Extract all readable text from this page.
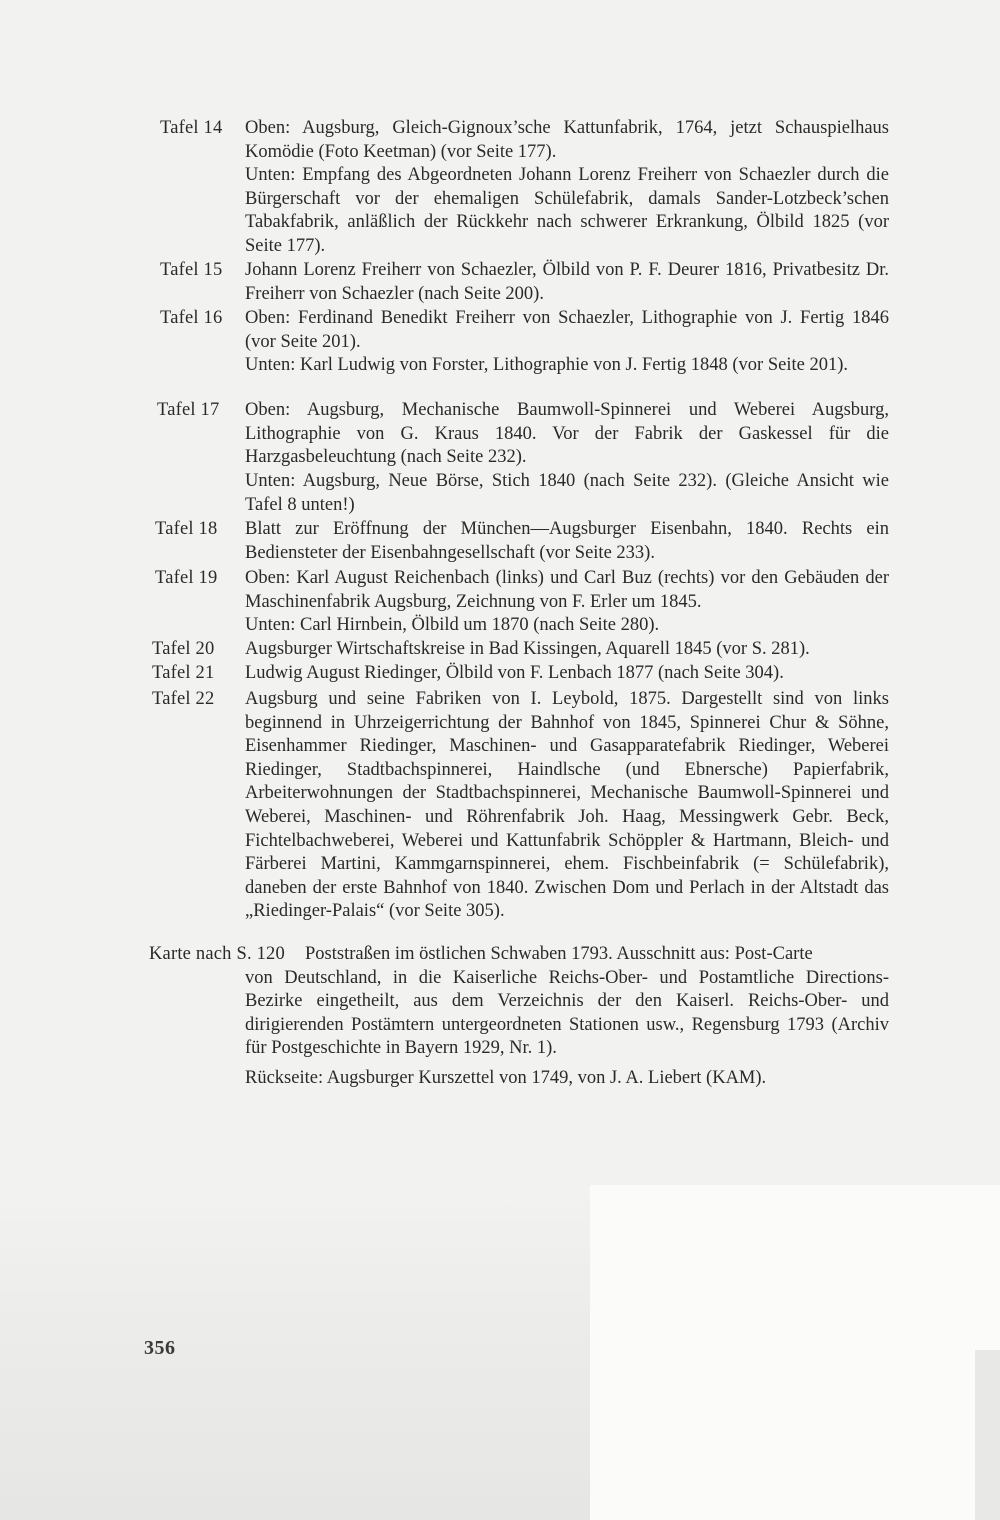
Tafel 14 Oben: Augsburg, Gleich-Gignoux’sche Kattunfabrik, 1764, jetzt Schauspielhaus Komödie (Foto Keetman) (vor Seite 177).
Unten: Empfang des Abgeordneten Johann Lorenz Freiherr von Schaezler durch die Bürgerschaft vor der ehemaligen Schülefabrik, damals Sander-Lotzbeck’schen Tabakfabrik, anläßlich der Rückkehr nach schwerer Erkrankung, Ölbild 1825 (vor Seite 177).
Tafel 15 Johann Lorenz Freiherr von Schaezler, Ölbild von P. F. Deurer 1816, Privatbesitz Dr. Freiherr von Schaezler (nach Seite 200).
Tafel 16 Oben: Ferdinand Benedikt Freiherr von Schaezler, Lithographie von J. Fertig 1846 (vor Seite 201).
Unten: Karl Ludwig von Forster, Lithographie von J. Fertig 1848 (vor Seite 201).
Tafel 17 Oben: Augsburg, Mechanische Baumwoll-Spinnerei und Weberei Augsburg, Lithographie von G. Kraus 1840. Vor der Fabrik der Gaskessel für die Harzgasbeleuchtung (nach Seite 232).
Unten: Augsburg, Neue Börse, Stich 1840 (nach Seite 232). (Gleiche Ansicht wie Tafel 8 unten!)
Tafel 18 Blatt zur Eröffnung der München—Augsburger Eisenbahn, 1840. Rechts ein Bediensteter der Eisenbahngesellschaft (vor Seite 233).
Tafel 19 Oben: Karl August Reichenbach (links) und Carl Buz (rechts) vor den Gebäuden der Maschinenfabrik Augsburg, Zeichnung von F. Erler um 1845.
Unten: Carl Hirnbein, Ölbild um 1870 (nach Seite 280).
Tafel 20 Augsburger Wirtschaftskreise in Bad Kissingen, Aquarell 1845 (vor S. 281).
Tafel 21 Ludwig August Riedinger, Ölbild von F. Lenbach 1877 (nach Seite 304).
Tafel 22 Augsburg und seine Fabriken von I. Leybold, 1875. Dargestellt sind von links beginnend in Uhrzeigerrichtung der Bahnhof von 1845, Spinnerei Chur & Söhne, Eisenhammer Riedinger, Maschinen- und Gasapparatefabrik Riedinger, Weberei Riedinger, Stadtbachspinnerei, Haindlsche (und Ebnersche) Papierfabrik, Arbeiterwohnungen der Stadtbachspinnerei, Mechanische Baumwoll-Spinnerei und Weberei, Maschinen- und Röhrenfabrik Joh. Haag, Messingwerk Gebr. Beck, Fichtelbachweberei, Weberei und Kattunfabrik Schöppler & Hartmann, Bleich- und Färberei Martini, Kammgarnspinnerei, ehem. Fischbeinfabrik (= Schülefabrik), daneben der erste Bahnhof von 1840. Zwischen Dom und Perlach in der Altstadt das „Riedinger-Palais“ (vor Seite 305).
Karte nach S. 120 Poststraßen im östlichen Schwaben 1793. Ausschnitt aus: Post-Carte
von Deutschland, in die Kaiserliche Reichs-Ober- und Postamtliche Directions-Bezirke eingetheilt, aus dem Verzeichnis der den Kaiserl. Reichs-Ober- und dirigierenden Postämtern untergeordneten Stationen usw., Regensburg 1793 (Archiv für Postgeschichte in Bayern 1929, Nr. 1).
Rückseite: Augsburger Kurszettel von 1749, von J. A. Liebert (KAM).
356
